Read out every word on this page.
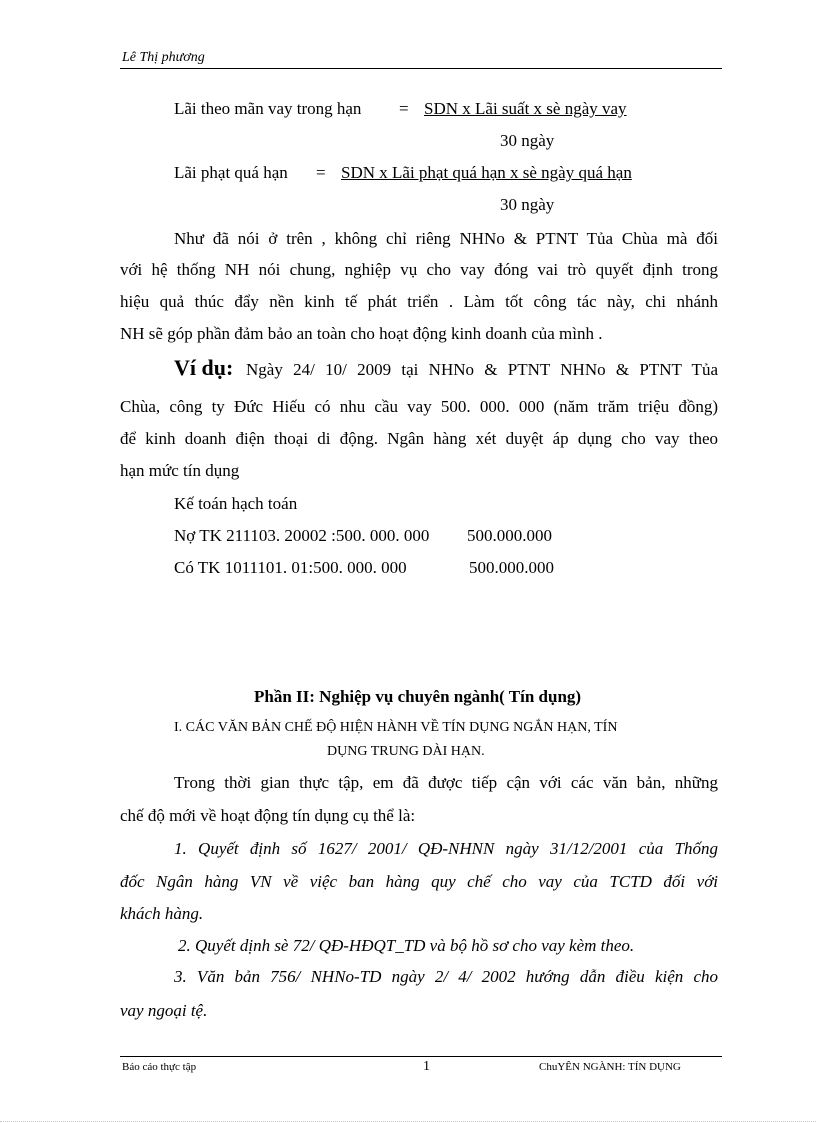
Lê Thị phương
Lãi theo mãn vay trong hạn = SDN x Lãi suất x sè ngày vay
30 ngày
Lãi phạt quá hạn = SDN x Lãi phạt quá hạn x sè ngày quá hạn
30 ngày
Như đã nói ở trên , không chỉ riêng NHNo & PTNT Tủa Chùa mà đối
với hệ thống NH nói chung, nghiệp vụ cho vay đóng vai trò quyết định trong
hiệu quả thúc đẩy nền kinh tế phát triển . Làm tốt công tác này, chi nhánh
NH sẽ góp phần đảm bảo an toàn cho hoạt động kinh doanh của mình .
Ví dụ: Ngày 24/ 10/ 2009 tại NHNo & PTNT NHNo & PTNT Tủa
Chùa, công ty Đức Hiếu có nhu cầu vay 500. 000. 000 (năm trăm triệu đồng)
để kinh doanh điện thoại di động. Ngân hàng xét duyệt áp dụng cho vay theo
hạn mức tín dụng
Kế toán hạch toán
Nợ TK 211103. 20002 :500. 000. 000 500.000.000
Có TK 1011101. 01:500. 000. 000	500.000.000
Phần II: Nghiệp vụ chuyên ngành( Tín dụng)
I. CÁC VĂN BẢN CHẾ ĐỘ HIỆN HÀNH VỀ TÍN DỤNG NGẮN HẠN, TÍN
DỤNG TRUNG DÀI HẠN.
Trong thời gian thực tập, em đã được tiếp cận với các văn bản, những
chế độ mới về hoạt động tín dụng cụ thể là:
1. Quyết định số 1627/ 2001/ QĐ-NHNN ngày 31/12/2001 của Thống
đốc Ngân hàng VN về việc ban hàng quy chế cho vay của TCTD đối với
khách hàng.
2. Quyết dịnh sè 72/ QĐ-HĐQT_TD và bộ hồ sơ cho vay kèm theo.
3. Văn bản 756/ NHNo-TD ngày 2/ 4/ 2002 hướng dẫn điều kiện cho
vay ngoại tệ.
Báo cáo thực tập	1	ChuYÊN NGÀNH: TÍN DỤNG
